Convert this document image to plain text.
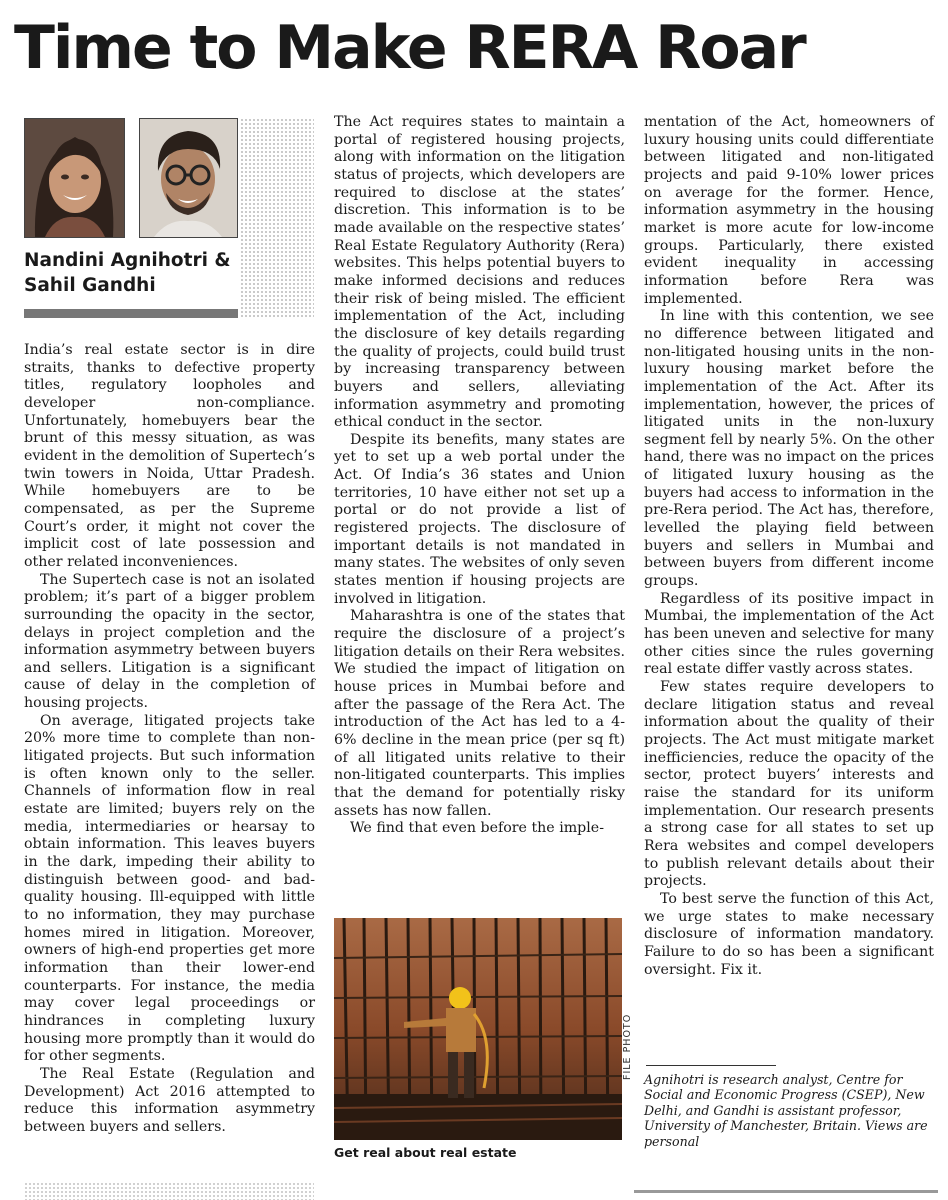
Time to Make RERA Roar
Nandini Agnihotri &
Sahil Gandhi

India’s real estate sector is in dire straits, thanks to defective property titles, regulatory loopholes and developer non-compliance. Unfortunately, homebuyers bear the brunt of this messy situation, as was evident in the demolition of Supertech’s twin towers in Noida, Uttar Pradesh. While homebuyers are to be compensated, as per the Supreme Court’s order, it might not cover the implicit cost of late possession and other related inconveniences.

The Supertech case is not an isolated problem; it’s part of a bigger problem surrounding the opacity in the sector, delays in project completion and the information asymmetry between buyers and sellers. Litigation is a significant cause of delay in the completion of housing projects.

On average, litigated projects take 20% more time to complete than non-litigated projects. But such information is often known only to the seller. Channels of information flow in real estate are limited; buyers rely on the media, intermediaries or hearsay to obtain information. This leaves buyers in the dark, impeding their ability to distinguish between good- and bad-quality housing. Ill-equipped with little to no information, they may purchase homes mired in litigation. Moreover, owners of high-end properties get more information than their lower-end counterparts. For instance, the media may cover legal proceedings or hindrances in completing luxury housing more promptly than it would do for other segments.

The Real Estate (Regulation and Development) Act 2016 attempted to reduce this information asymmetry between buyers and sellers.

The Act requires states to maintain a portal of registered housing projects, along with information on the litigation status of projects, which developers are required to disclose at the states’ discretion. This information is to be made available on the respective states’ Real Estate Regulatory Authority (Rera) websites. This helps potential buyers to make informed decisions and reduces their risk of being misled. The efficient implementation of the Act, including the disclosure of key details regarding the quality of projects, could build trust by increasing transparency between buyers and sellers, alleviating information asymmetry and promoting ethical conduct in the sector.

Despite its benefits, many states are yet to set up a web portal under the Act. Of India’s 36 states and Union territories, 10 have either not set up a portal or do not provide a list of registered projects. The disclosure of important details is not mandated in many states. The websites of only seven states mention if housing projects are involved in litigation.

Maharashtra is one of the states that require the disclosure of a project’s litigation details on their Rera websites. We studied the impact of litigation on house prices in Mumbai before and after the passage of the Rera Act. The introduction of the Act has led to a 4-6% decline in the mean price (per sq ft) of all litigated units relative to their non-litigated counterparts. This implies that the demand for potentially risky assets has now fallen.

We find that even before the imple-

FILE PHOTO
Get real about real estate

mentation of the Act, homeowners of luxury housing units could differentiate between litigated and non-litigated projects and paid 9-10% lower prices on average for the former. Hence, information asymmetry in the housing market is more acute for low-income groups. Particularly, there existed evident inequality in accessing information before Rera was implemented.

In line with this contention, we see no difference between litigated and non-litigated housing units in the non-luxury housing market before the implementation of the Act. After its implementation, however, the prices of litigated units in the non-luxury segment fell by nearly 5%. On the other hand, there was no impact on the prices of litigated luxury housing as the buyers had access to information in the pre-Rera period. The Act has, therefore, levelled the playing field between buyers and sellers in Mumbai and between buyers from different income groups.

Regardless of its positive impact in Mumbai, the implementation of the Act has been uneven and selective for many other cities since the rules governing real estate differ vastly across states.

Few states require developers to declare litigation status and reveal information about the quality of their projects. The Act must mitigate market inefficiencies, reduce the opacity of the sector, protect buyers’ interests and raise the standard for its uniform implementation. Our research presents a strong case for all states to set up Rera websites and compel developers to publish relevant details about their projects.

To best serve the function of this Act, we urge states to make necessary disclosure of information mandatory. Failure to do so has been a significant oversight. Fix it.

Agnihotri is research analyst, Centre for Social and Economic Progress (CSEP), New Delhi, and Gandhi is assistant professor, University of Manchester, Britain. Views are personal
